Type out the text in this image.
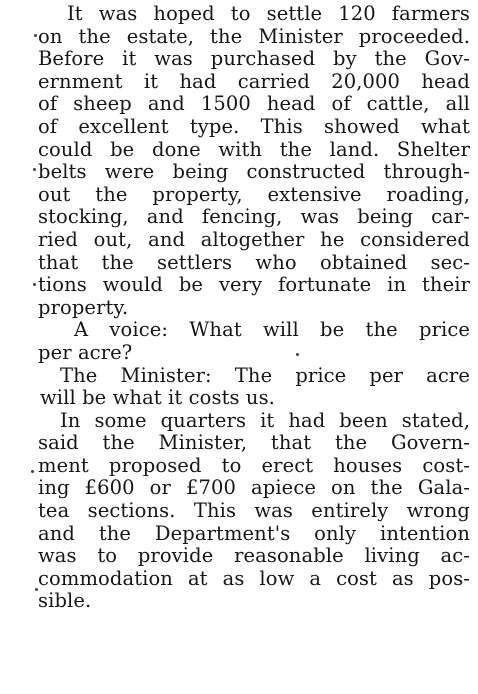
It was hoped to settle 120 farmers
on the estate, the Minister proceeded.
Before it was purchased by the Gov-
ernment it had carried 20,000 head
of sheep and 1500 head of cattle, all
of excellent type. This showed what
could be done with the land. Shelter
belts were being constructed through-
out the property, extensive roading,
stocking, and fencing, was being car-
ried out, and altogether he considered
that the settlers who obtained sec-
tions would be very fortunate in their
property.
A voice: What will be the price
per acre?
The Minister: The price per acre
will be what it costs us.
In some quarters it had been stated,
said the Minister, that the Govern-
ment proposed to erect houses cost-
ing £600 or £700 apiece on the Gala-
tea sections. This was entirely wrong
and the Department's only intention
was to provide reasonable living ac-
commodation at as low a cost as pos-
sible.
